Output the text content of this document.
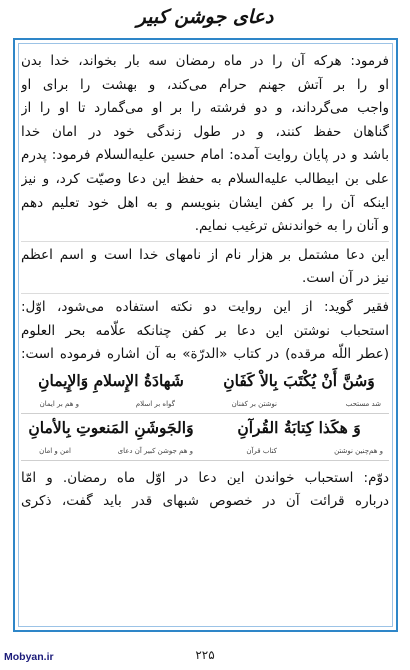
دعای جوشن کبیر
فرمود: هرکه آن را در ماه رمضان سه بار بخواند، خدا بدن
او را بر آتش جهنم حرام می‌کند، و بهشت را برای او
واجب می‌گرداند، و دو فرشته را بر او می‌گمارد تا او را از
گناهان حفظ کنند، و در طول زندگی خود در امان خدا
باشد و در پایان روایت آمده: امام حسین علیه‌السلام فرمود: پدرم
علی بن ابیطالب علیه‌السلام به حفظ این دعا وصیّت کرد، و نیز
اینکه آن را بر کفن ایشان بنویسم و به اهل خود تعلیم دهم
و آنان را به خواندنش ترغیب نمایم.
این دعا مشتمل بر هزار نام از نامهای خدا است و اسم اعظم
نیز در آن است.
فقیر گوید: از این روایت دو نکته استفاده می‌شود، اوّل:
استحباب نوشتن این دعا بر کفن چنانکه علّامه بحر العلوم
(عطر اللّه مرقده) در کتاب «الدرّة» به آن اشاره فرموده است:
وَسُنَّ أَنْ یُکْتَبَ بِالاْ کَفَانِ
شَهادَةُ الإِسلامِ وَالإِیمانِ
شد مستحب
نوشتن بر کفنان
گواه بر اسلام
و هم بر ایمان
وَ هکَذا کِتابَةُ القُرآنِ
وَالجَوشَنِ المَنعوتِ بِالأمانِ
و هم‌چنین نوشتن
کتاب قرآن
و هم جوشن کبیر آن دعای
امن و امان
دوّم: استحباب خواندن این دعا در اوّل ماه رمضان. و امّا
درباره قرائت آن در خصوص شبهای قدر باید گفت، ذکری
Mobyan.ir	۲۲۵
